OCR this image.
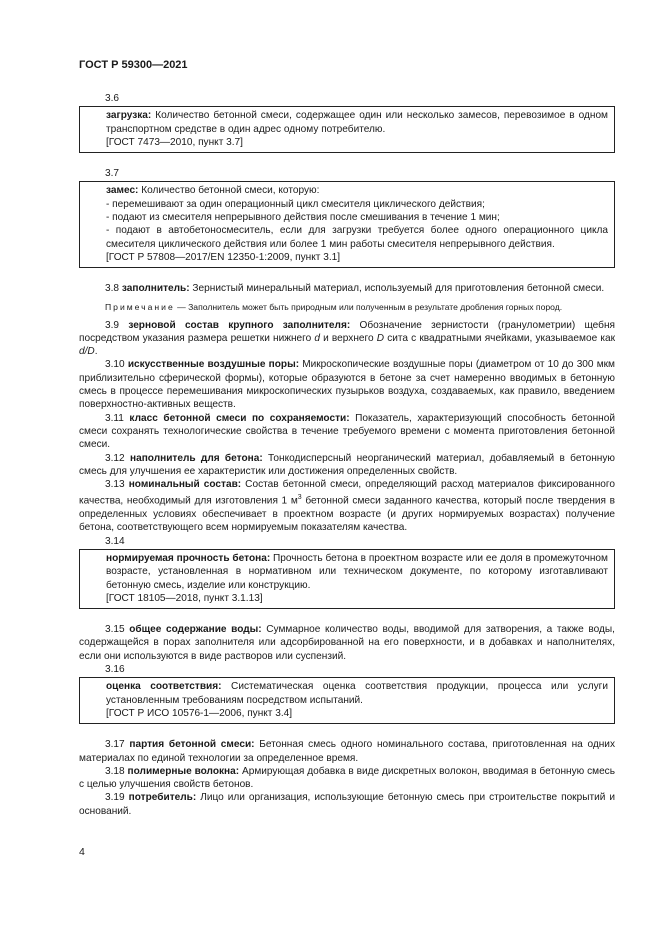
ГОСТ Р 59300—2021
3.6
загрузка: Количество бетонной смеси, содержащее один или несколько замесов, перевозимое в одном транспортном средстве в один адрес одному потребителю.
[ГОСТ 7473—2010, пункт 3.7]
3.7
замес: Количество бетонной смеси, которую:
- перемешивают за один операционный цикл смесителя циклического действия;
- подают из смесителя непрерывного действия после смешивания в течение 1 мин;
- подают в автобетоносмеситель, если для загрузки требуется более одного операционного цикла смесителя циклического действия или более 1 мин работы смесителя непрерывного действия.
[ГОСТ Р 57808—2017/EN 12350-1:2009, пункт 3.1]

3.8 заполнитель: Зернистый минеральный материал, используемый для приготовления бетонной смеси.

Примечание — Заполнитель может быть природным или полученным в результате дробления горных пород.

3.9 зерновой состав крупного заполнителя: Обозначение зернистости (гранулометрии) щебня посредством указания размера решетки нижнего d и верхнего D сита с квадратными ячейками, указываемое как d/D.

3.10 искусственные воздушные поры: Микроскопические воздушные поры (диаметром от 10 до 300 мкм приблизительно сферической формы), которые образуются в бетоне за счет намеренно вводимых в бетонную смесь в процессе перемешивания микроскопических пузырьков воздуха, создаваемых, как правило, введением поверхностно-активных веществ.

3.11 класс бетонной смеси по сохраняемости: Показатель, характеризующий способность бетонной смеси сохранять технологические свойства в течение требуемого времени с момента приготовления бетонной смеси.

3.12 наполнитель для бетона: Тонкодисперсный неорганический материал, добавляемый в бетонную смесь для улучшения ее характеристик или достижения определенных свойств.

3.13 номинальный состав: Состав бетонной смеси, определяющий расход материалов фиксированного качества, необходимый для изготовления 1 $м^3$ бетонной смеси заданного качества, который после твердения в определенных условиях обеспечивает в проектном возрасте (и других нормируемых возрастах) получение бетона, соответствующего всем нормируемым показателям качества.

3.14
нормируемая прочность бетона: Прочность бетона в проектном возрасте или ее доля в промежуточном возрасте, установленная в нормативном или техническом документе, по которому изготавливают бетонную смесь, изделие или конструкцию.
[ГОСТ 18105—2018, пункт 3.1.13]

3.15 общее содержание воды: Суммарное количество воды, вводимой для затворения, а также воды, содержащейся в порах заполнителя или адсорбированной на его поверхности, и в добавках и наполнителях, если они используются в виде растворов или суспензий.

3.16
оценка соответствия: Систематическая оценка соответствия продукции, процесса или услуги установленным требованиям посредством испытаний.
[ГОСТ Р ИСО 10576-1—2006, пункт 3.4]

3.17 партия бетонной смеси: Бетонная смесь одного номинального состава, приготовленная на одних материалах по единой технологии за определенное время.

3.18 полимерные волокна: Армирующая добавка в виде дискретных волокон, вводимая в бетонную смесь с целью улучшения свойств бетонов.

3.19 потребитель: Лицо или организация, использующие бетонную смесь при строительстве покрытий и оснований.

4
